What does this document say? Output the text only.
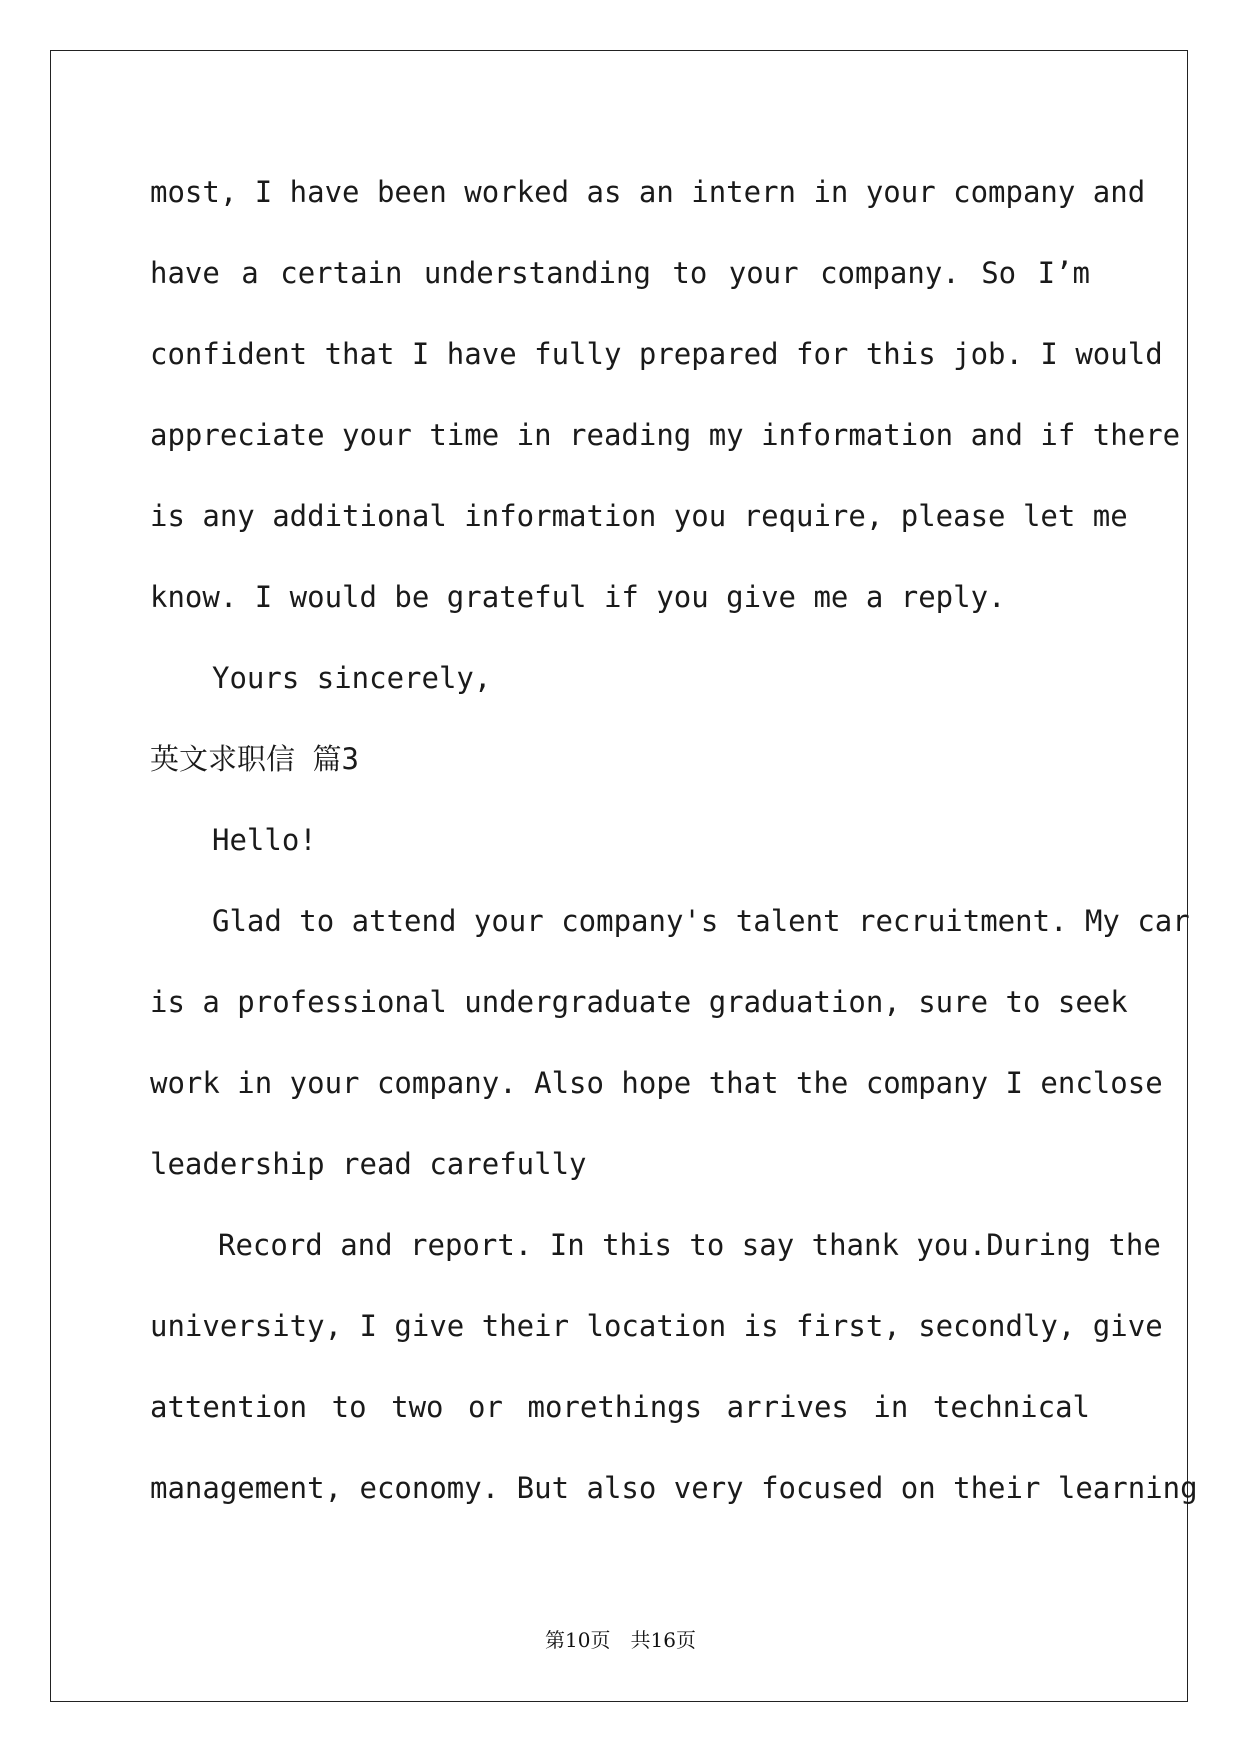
most, I have been worked as an intern in your company and
have a certain understanding to your company. So I’m
confident that I have fully prepared for this job. I would
appreciate your time in reading my information and if there
is any additional information you require, please let me
know. I would be grateful if you give me a reply.
Yours sincerely,
英文求职信 篇3
Hello!
Glad to attend your company's talent recruitment. My car
is a professional undergraduate graduation, sure to seek
work in your company. Also hope that the company I enclose
leadership read carefully
Record and report. In this to say thank you.During the
university, I give their location is first, secondly, give
attention to two or morethings arrives in technical
management, economy. But also very focused on their learning
第10页　共16页
